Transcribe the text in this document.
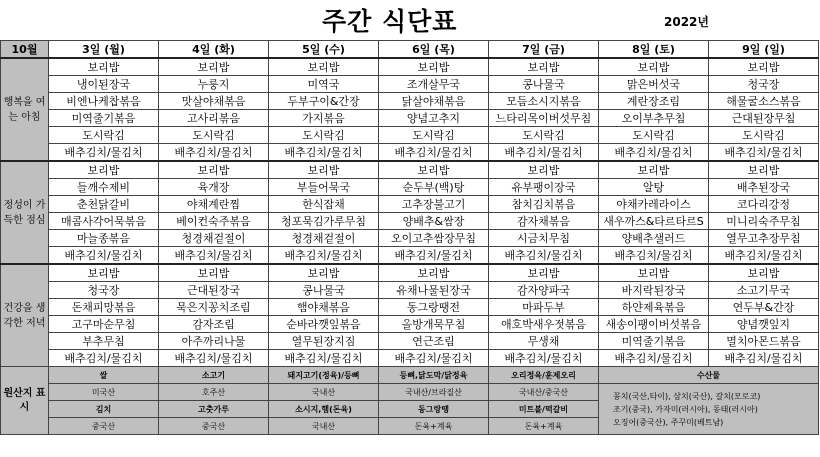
주간 식단표	2022년
10월	3일 (월)	4일 (화)	5일 (수)	6일 (목)	7일 (금)	8일 (토)	9일 (일)
행복을 여는 아침	보리밥	보리밥	보리밥	보리밥	보리밥	보리밥	보리밥
	냉이된장국	누룽지	미역국	조개살무국	콩나물국	맑은버섯국	청국장
	비엔나케찹볶음	맛살야채볶음	두부구이&간장	닭살야채볶음	모듬소시지볶음	계란장조림	해물굴소스볶음
	미역줄기볶음	고사리볶음	가지볶음	양념고추지	느타리목이버섯무침	오이부추무침	근대된장무침
	도시락김	도시락김	도시락김	도시락김	도시락김	도시락김	도시락김
	배추김치/물김치	배추김치/물김치	배추김치/물김치	배추김치/물김치	배추김치/물김치	배추김치/물김치	배추김치/물김치
정성이 가득한 점심	보리밥	보리밥	보리밥	보리밥	보리밥	보리밥	보리밥
	들깨수제비	육개장	부들어묵국	순두부(백)탕	유부팽이장국	알탕	배추된장국
	춘천닭갈비	야채계란찜	한식잡채	고추장불고기	참치김치볶음	야채카레라이스	코다리강정
	매콤사각어묵볶음	베이컨숙주볶음	청포묵김가루무침	양배추&쌈장	감자채볶음	새우까스&타르타르S	미니리숙주무침
	마늘종볶음	청경채겉절이	청경채겉절이	오이고추쌈장무침	시금치무침	양배추샐러드	열무고추장무침
	배추김치/물김치	배추김치/물김치	배추김치/물김치	배추김치/물김치	배추김치/물김치	배추김치/물김치	배추김치/물김치
건강을 생각한 저녁	보리밥	보리밥	보리밥	보리밥	보리밥	보리밥	보리밥
	청국장	근대된장국	콩나물국	유채나물된장국	감자양파국	바지락된장국	소고기무국
	돈채피망볶음	묵은지꽁치조림	햄야채볶음	동그랑땡전	마파두부	하얀제육볶음	연두부&간장
	고구마순무침	감자조림	순바라깻잎볶음	올방개묵무침	애호박새우젓볶음	새송이팽이버섯볶음	양념깻잎지
	부추무침	아주까리나물	열무된장지짐	연근조림	무생채	미역줄기볶음	멸치아몬드볶음
	배추김치/물김치	배추김치/물김치	배추김치/물김치	배추김치/물김치	배추김치/물김치	배추김치/물김치	배추김치/물김치
원산지 표시	쌀	소고기	돼지고기(정육)/등뼈	등뼈,닭도막/닭정육	오리정육/훈제오리	수산물	
	미국산	호주산	국내산	국내산/브라질산	국내산/중국산	꽁치(국산,타이), 삼치(국산), 갈치(모로코)
조기(중국), 가자미(러시아), 동태(러시아)
오징어(중국산), 주꾸미(베트남)	

	김치	고춧가루	소시지,햄(돈육)	동그랑땡	미트볼/떡갈비		
	중국산	중국산	국내산	돈육+계육	돈육+계육		
